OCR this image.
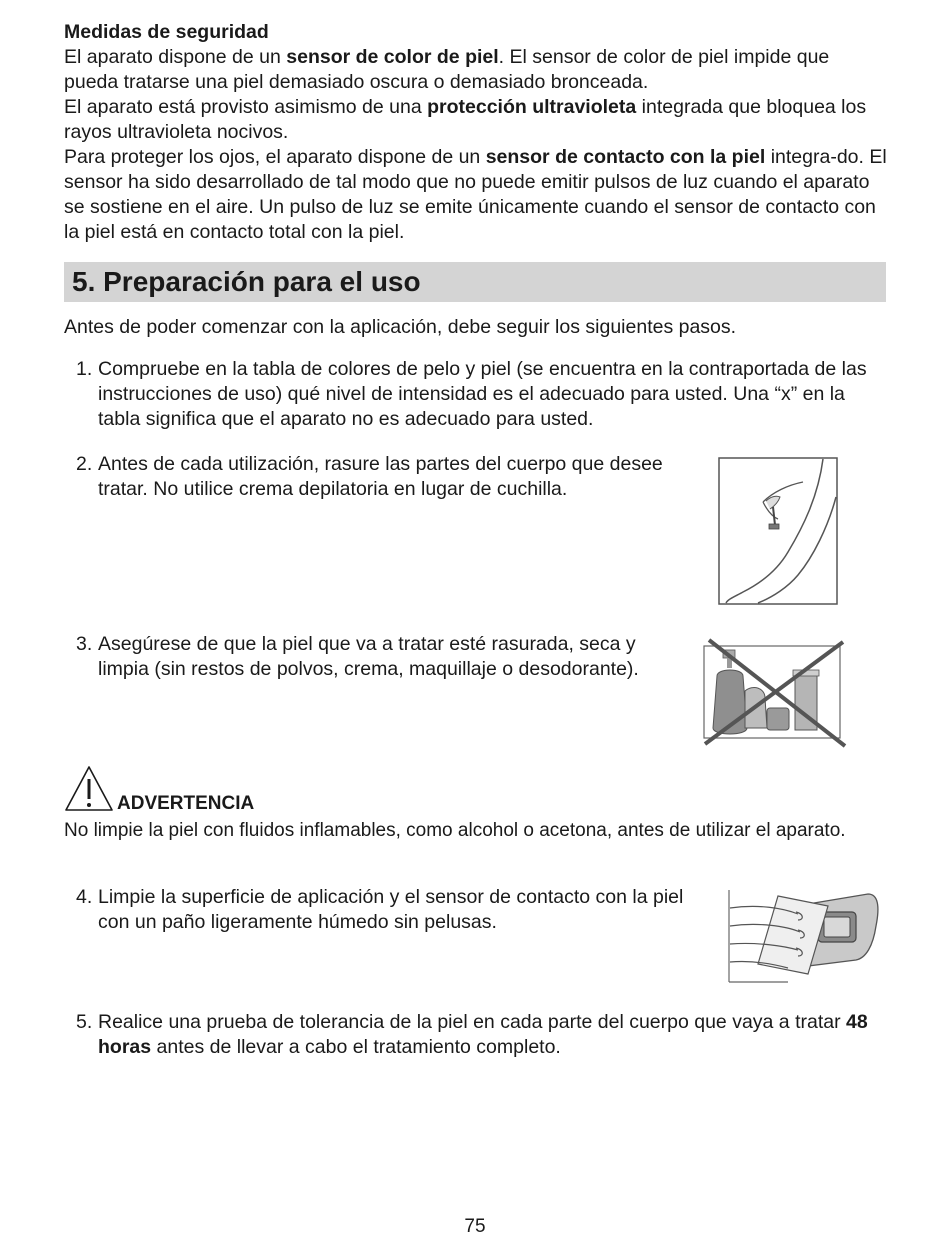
Medidas de seguridad

El aparato dispone de un sensor de color de piel. El sensor de color de piel impide que pueda tratarse una piel demasiado oscura o demasiado bronceada.

El aparato está provisto asimismo de una protección ultravioleta integrada que bloquea los rayos ultravioleta nocivos.

Para proteger los ojos, el aparato dispone de un sensor de contacto con la piel integra-do. El sensor ha sido desarrollado de tal modo que no puede emitir pulsos de luz cuando el aparato se sostiene en el aire. Un pulso de luz se emite únicamente cuando el sensor de contacto con la piel está en contacto total con la piel.

5. Preparación para el uso

Antes de poder comenzar con la aplicación, debe seguir los siguientes pasos.

1. Compruebe en la tabla de colores de pelo y piel (se encuentra en la contraportada de las instrucciones de uso) qué nivel de intensidad es el adecuado para usted. Una “x” en la tabla significa que el aparato no es adecuado para usted.

2. Antes de cada utilización, rasure las partes del cuerpo que desee tratar. No utilice crema depilatoria en lugar de cuchilla.

3. Asegúrese de que la piel que va a tratar esté rasurada, seca y limpia (sin restos de polvos, crema, maquillaje o desodorante).

ADVERTENCIA

No limpie la piel con fluidos inflamables, como alcohol o acetona, antes de utilizar el aparato.

4. Limpie la superficie de aplicación y el sensor de contacto con la piel con un paño ligeramente húmedo sin pelusas.

5. Realice una prueba de tolerancia de la piel en cada parte del cuerpo que vaya a tratar 48 horas antes de llevar a cabo el tratamiento completo.

75
